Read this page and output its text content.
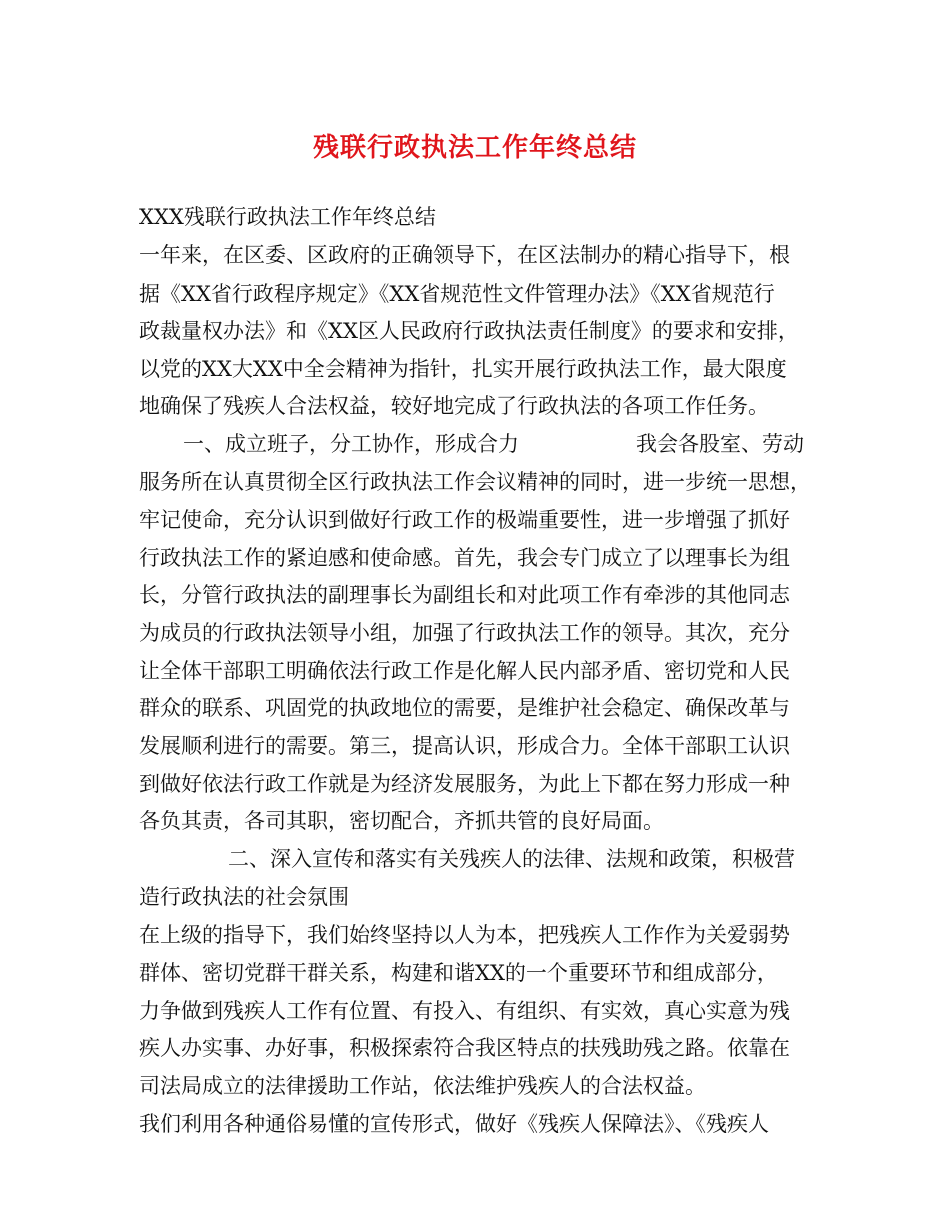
残联行政执法工作年终总结
XXX残联行政执法工作年终总结
一年来，在区委、区政府的正确领导下，在区法制办的精心指导下，根
据《XX省行政程序规定》《XX省规范性文件管理办法》《XX省规范行
政裁量权办法》和《XX区人民政府行政执法责任制度》的要求和安排，
以党的XX大XX中全会精神为指针，扎实开展行政执法工作，最大限度
地确保了残疾人合法权益，较好地完成了行政执法的各项工作任务。
一、成立班子，分工协作，形成合力	我会各股室、劳动
服务所在认真贯彻全区行政执法工作会议精神的同时，进一步统一思想，
牢记使命，充分认识到做好行政工作的极端重要性，进一步增强了抓好
行政执法工作的紧迫感和使命感。首先，我会专门成立了以理事长为组
长，分管行政执法的副理事长为副组长和对此项工作有牵涉的其他同志
为成员的行政执法领导小组，加强了行政执法工作的领导。其次，充分
让全体干部职工明确依法行政工作是化解人民内部矛盾、密切党和人民
群众的联系、巩固党的执政地位的需要，是维护社会稳定、确保改革与
发展顺利进行的需要。第三，提高认识，形成合力。全体干部职工认识
到做好依法行政工作就是为经济发展服务，为此上下都在努力形成一种
各负其责，各司其职，密切配合，齐抓共管的良好局面。
二、深入宣传和落实有关残疾人的法律、法规和政策，积极营
造行政执法的社会氛围
在上级的指导下，我们始终坚持以人为本，把残疾人工作作为关爱弱势
群体、密切党群干群关系，构建和谐XX的一个重要环节和组成部分，
力争做到残疾人工作有位置、有投入、有组织、有实效，真心实意为残
疾人办实事、办好事，积极探索符合我区特点的扶残助残之路。依靠在
司法局成立的法律援助工作站，依法维护残疾人的合法权益。
我们利用各种通俗易懂的宣传形式，做好《残疾人保障法》、《残疾人
